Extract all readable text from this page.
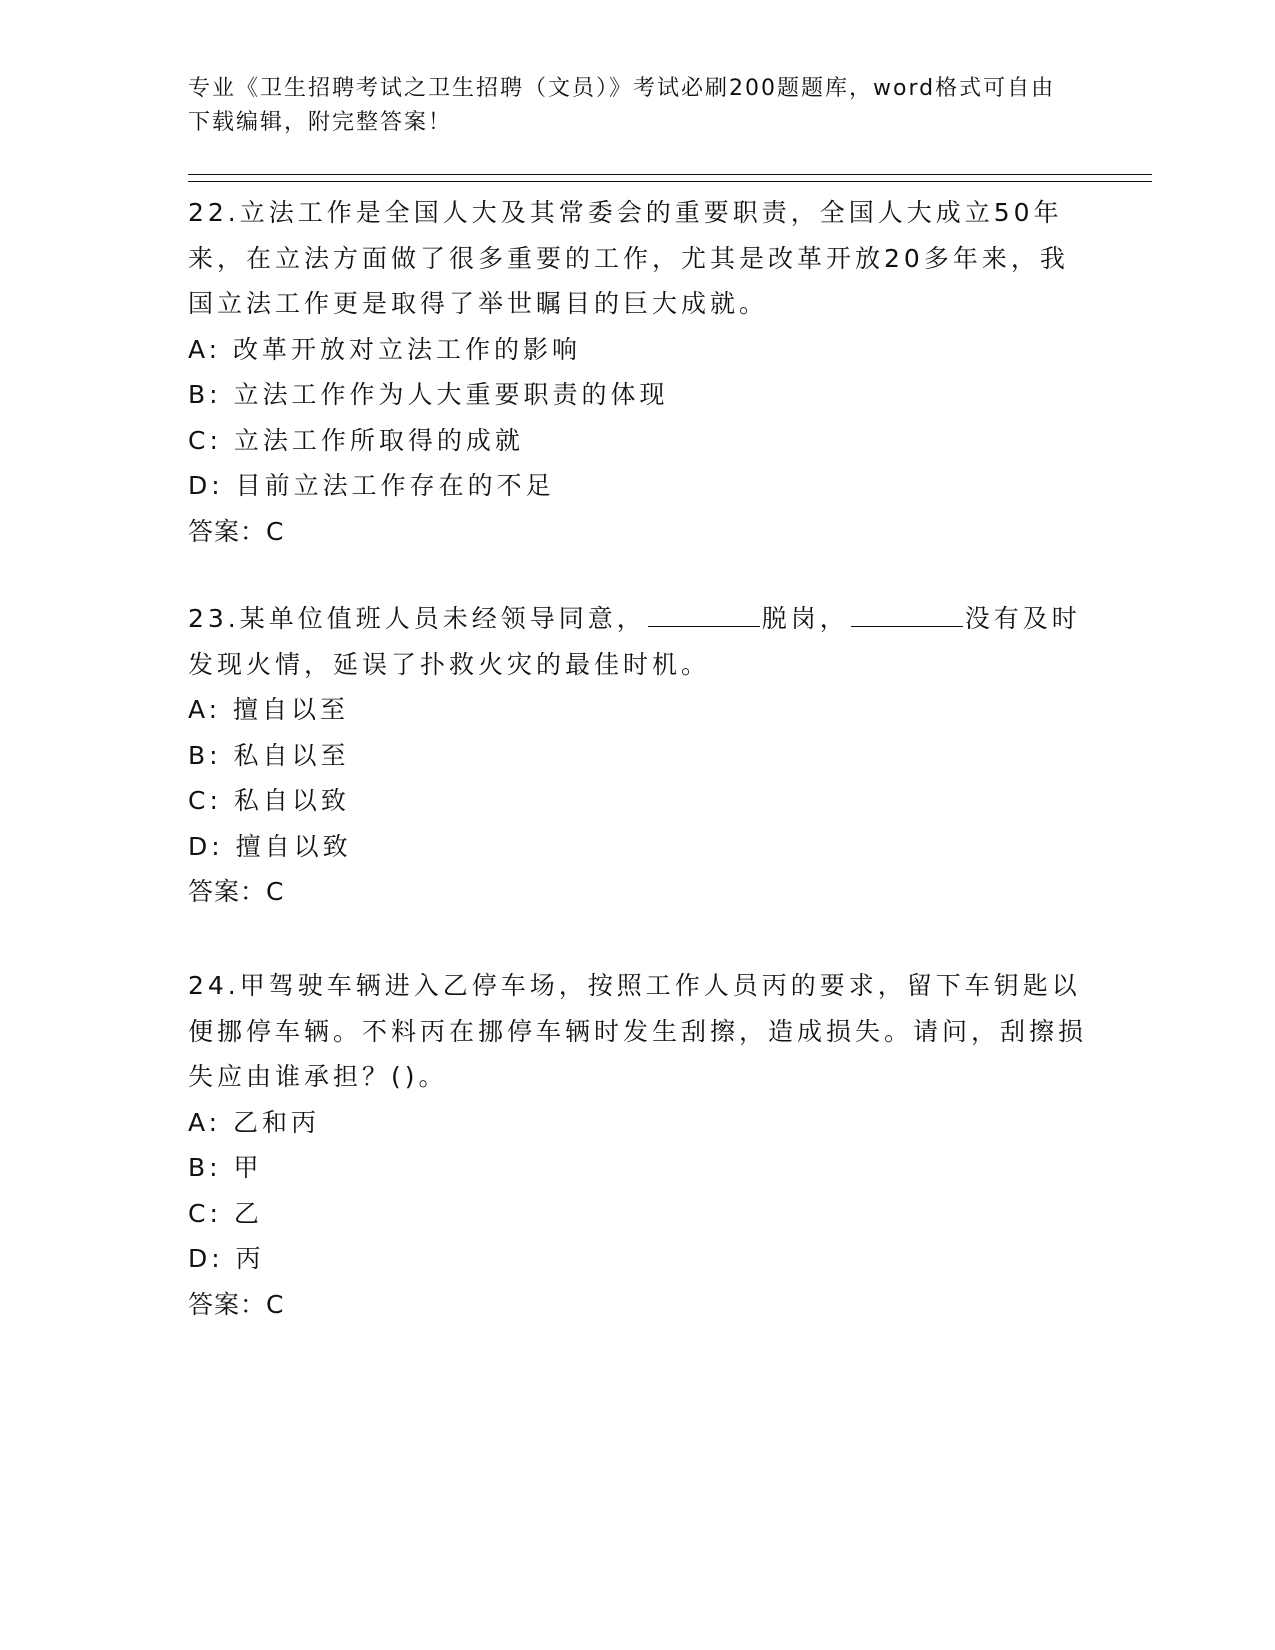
专业《卫生招聘考试之卫生招聘（文员）》考试必刷200题题库，word格式可自由下载编辑，附完整答案！

22.立法工作是全国人大及其常委会的重要职责，全国人大成立50年来，在立法方面做了很多重要的工作，尤其是改革开放20多年来，我国立法工作更是取得了举世瞩目的巨大成就。

A: 改革开放对立法工作的影响
B: 立法工作作为人大重要职责的体现
C: 立法工作所取得的成就
D: 目前立法工作存在的不足
答案：C

23.某单位值班人员未经领导同意，	脱岗，	没有及时发现火情，延误了扑救火灾的最佳时机。

A: 擅自以至
B: 私自以至
C: 私自以致
D: 擅自以致
答案：C

24.甲驾驶车辆进入乙停车场，按照工作人员丙的要求，留下车钥匙以便挪停车辆。不料丙在挪停车辆时发生刮擦，造成损失。请问，刮擦损失应由谁承担？()。

A: 乙和丙
B: 甲
C: 乙
D: 丙
答案：C
